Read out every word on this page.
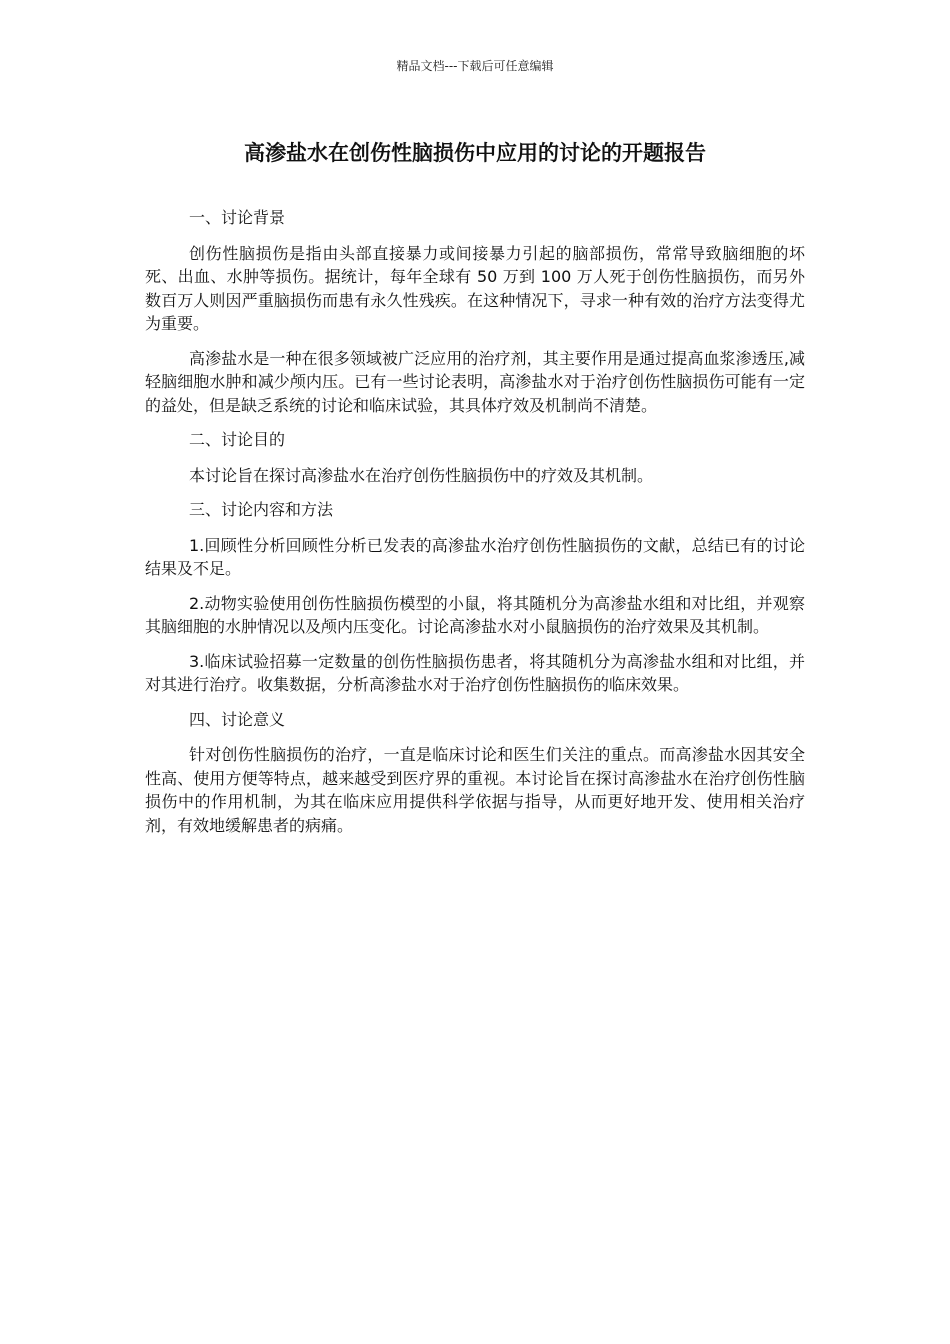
精品文档---下载后可任意编辑
高渗盐水在创伤性脑损伤中应用的讨论的开题报告

一、讨论背景

创伤性脑损伤是指由头部直接暴力或间接暴力引起的脑部损伤，常常导致脑细胞的坏死、出血、水肿等损伤。据统计，每年全球有 50 万到 100 万人死于创伤性脑损伤，而另外数百万人则因严重脑损伤而患有永久性残疾。在这种情况下，寻求一种有效的治疗方法变得尤为重要。

高渗盐水是一种在很多领域被广泛应用的治疗剂，其主要作用是通过提高血浆渗透压,减轻脑细胞水肿和减少颅内压。已有一些讨论表明，高渗盐水对于治疗创伤性脑损伤可能有一定的益处，但是缺乏系统的讨论和临床试验，其具体疗效及机制尚不清楚。

二、讨论目的

本讨论旨在探讨高渗盐水在治疗创伤性脑损伤中的疗效及其机制。

三、讨论内容和方法

1.回顾性分析回顾性分析已发表的高渗盐水治疗创伤性脑损伤的文献，总结已有的讨论结果及不足。

2.动物实验使用创伤性脑损伤模型的小鼠，将其随机分为高渗盐水组和对比组，并观察其脑细胞的水肿情况以及颅内压变化。讨论高渗盐水对小鼠脑损伤的治疗效果及其机制。

3.临床试验招募一定数量的创伤性脑损伤患者，将其随机分为高渗盐水组和对比组，并对其进行治疗。收集数据，分析高渗盐水对于治疗创伤性脑损伤的临床效果。

四、讨论意义

针对创伤性脑损伤的治疗，一直是临床讨论和医生们关注的重点。而高渗盐水因其安全性高、使用方便等特点，越来越受到医疗界的重视。本讨论旨在探讨高渗盐水在治疗创伤性脑损伤中的作用机制，为其在临床应用提供科学依据与指导，从而更好地开发、使用相关治疗剂，有效地缓解患者的病痛。
